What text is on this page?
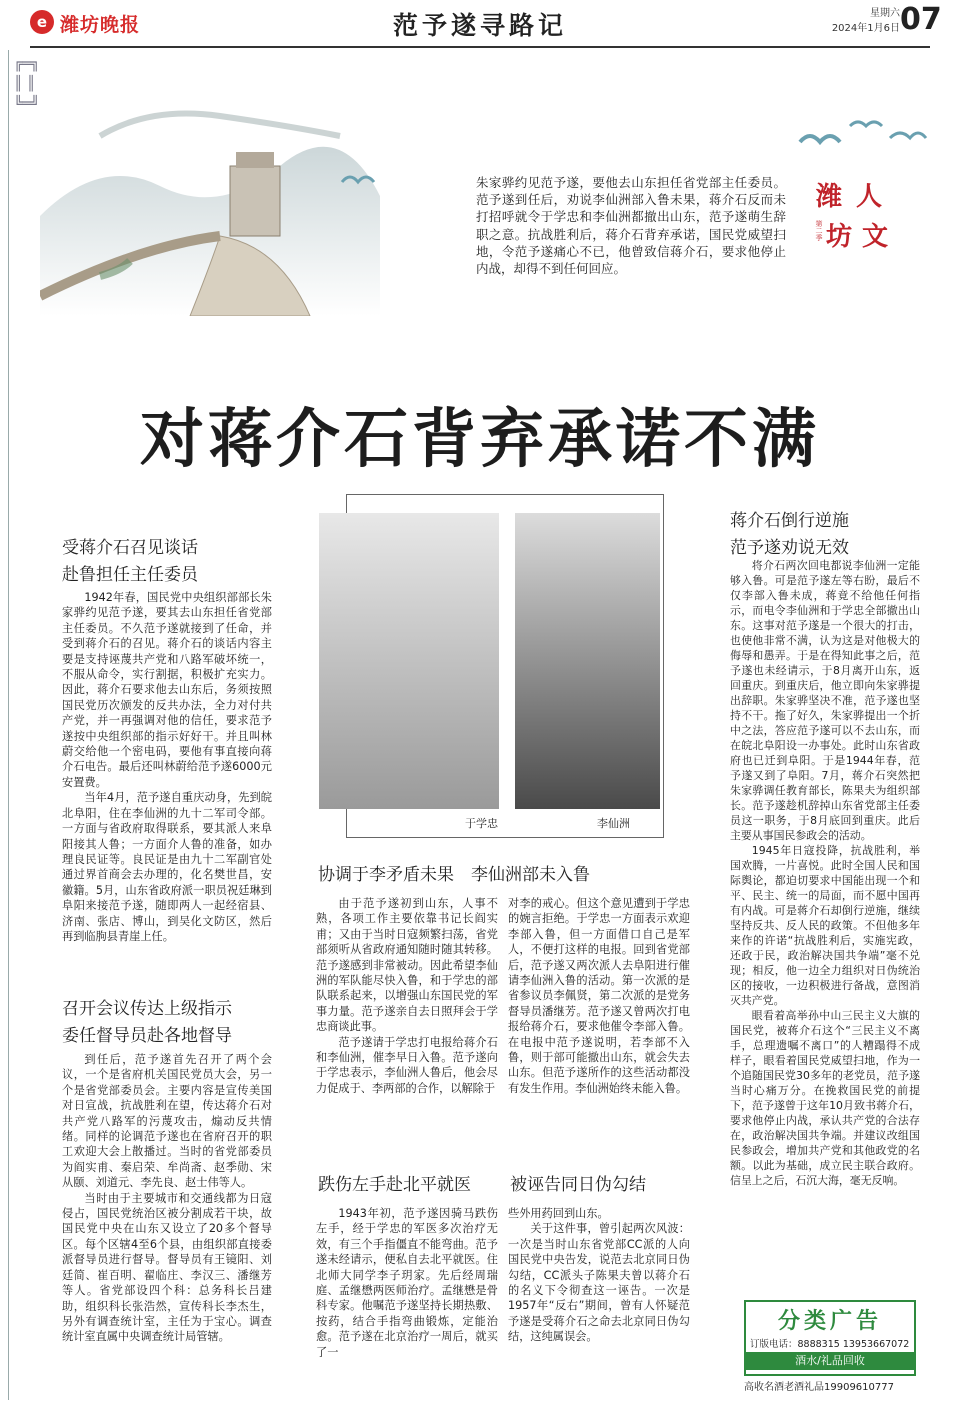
e 潍坊晚报	范予遂寻路记	星期六
2024年1月6日 07
╔═╗
║ ║
╚═╝
朱家骅约见范予遂，要他去山东担任省党部主任委员。范予遂到任后，劝说李仙洲部入鲁未果，蒋介石反而未打招呼就令于学忠和李仙洲都撤出山东，范予遂萌生辞职之意。抗战胜利后，蒋介石背弃承诺，国民党威望扫地，令范予遂痛心不已，他曾致信蒋介石，要求他停止内战，却得不到任何回应。
潍 人
坊 文
第二季
对蒋介石背弃承诺不满
受蒋介石召见谈话
赴鲁担任主任委员

1942年春，国民党中央组织部部长朱家骅约见范予遂，要其去山东担任省党部主任委员。不久范予遂就接到了任命，并受到蒋介石的召见。蒋介石的谈话内容主要是支持诬蔑共产党和八路军破坏统一，不服从命令，实行割据，积极扩充实力。因此，蒋介石要求他去山东后，务须按照国民党历次颁发的反共办法，全力对付共产党，并一再强调对他的信任，要求范予遂按中央组织部的指示好好干。并且叫林蔚交给他一个密电码，要他有事直接向蒋介石电告。最后还叫林蔚给范予遂6000元安置费。

当年4月，范予遂自重庆动身，先到皖北阜阳，住在李仙洲的九十二军司令部。一方面与省政府取得联系，要其派人来阜阳接其人鲁；一方面介人鲁的准备，如办理良民证等。良民证是由九十二军副官处通过界首商会去办理的，化名樊世昌，安徽籍。5月，山东省政府派一职员祝廷琳到阜阳来接范予遂，随即两人一起经宿县、济南、张店、博山，到吴化文防区，然后再到临朐县青崖上任。

召开会议传达上级指示
委任督导员赴各地督导

到任后，范予遂首先召开了两个会议，一个是省府机关国民党员大会，另一个是省党部委员会。主要内容是宣传美国对日宣战，抗战胜利在望，传达蒋介石对共产党八路军的污蔑攻击，煽动反共情绪。同样的论调范予遂也在省府召开的职工欢迎大会上散播过。当时的省党部委员为阎实甫、秦启荣、牟尚斋、赵季勋、宋从颐、刘道元、李先良、赵士伟等人。

当时由于主要城市和交通线都为日寇侵占，国民党统治区被分割成若干块，故国民党中央在山东又设立了20多个督导区。每个区辖4至6个县，由组织部直接委派督导员进行督导。督导员有王镜阳、刘廷简、崔百明、翟临庄、李汉三、潘继芳等人。省党部设四个科：总务科长吕建助，组织科长张浩然，宣传科长李杰生，另外有调查统计室，主任为于宝心。调查统计室直属中央调查统计局管辖。

于学忠	李仙洲
协调于李矛盾未果　李仙洲部未入鲁

由于范予遂初到山东，人事不熟，各项工作主要依靠书记长阎实甫；又由于当时日寇频繁扫荡，省党部须听从省政府通知随时随其转移。范予遂感到非常被动。因此希望李仙洲的军队能尽快入鲁，和于学忠的部队联系起来，以增强山东国民党的军事力量。范予遂亲自去日照拜会于学忠商谈此事。

范予遂请于学忠打电报给蒋介石和李仙洲，催李早日入鲁。范予遂向于学忠表示，李仙洲人鲁后，他会尽力促成于、李两部的合作，以解除于

对李的戒心。但这个意见遭到于学忠的婉言拒绝。于学忠一方面表示欢迎李部入鲁，但一方面借口自己是军人，不便打这样的电报。回到省党部后，范予遂又两次派人去阜阳进行催请李仙洲入鲁的活动。第一次派的是省参议员李佩贤，第二次派的是党务督导员潘继芳。范予遂又曾两次打电报给蒋介石，要求他催令李部入鲁。在电报中范予遂说明，若李部不入鲁，则于部可能撤出山东，就会失去山东。但范予遂所作的这些活动都没有发生作用。李仙洲始终未能入鲁。

跌伤左手赴北平就医	被诬告同日伪勾结

1943年初，范予遂因骑马跌伤左手，经于学忠的军医多次治疗无效，有三个手指僵直不能弯曲。范予遂未经请示，便私自去北平就医。住北师大同学李子玥家。先后经周瑞庭、孟继懋两医师治疗。孟继懋是骨科专家。他嘱范予遂坚持长期热敷、按药，结合手指弯曲锻炼，定能治愈。范予遂在北京治疗一周后，就买了一

些外用药回到山东。

关于这件事，曾引起两次风波：一次是当时山东省党部CC派的人向国民党中央告发，说范去北京同日伪勾结，CC派头子陈果夫曾以蒋介石的名义下令彻查这一诬告。一次是1957年“反右”期间，曾有人怀疑范予遂是受蒋介石之命去北京同日伪勾结，这纯属误会。

蒋介石倒行逆施
范予遂劝说无效

将介石两次回电都说李仙洲一定能够入鲁。可是范予遂左等右盼，最后不仅李部入鲁未成，蒋竟不给他任何指示，而电令李仙洲和于学忠全部撤出山东。这事对范予遂是一个很大的打击，也使他非常不满，认为这是对他极大的侮辱和愚弄。于是在得知此事之后，范予遂也未经请示，于8月离开山东，返回重庆。到重庆后，他立即向朱家骅提出辞职。朱家骅坚决不准，范予遂也坚持不干。拖了好久，朱家骅提出一个折中之法，答应范予遂可以不去山东，而在皖北阜阳设一办事处。此时山东省政府也已迁到阜阳。于是1944年春，范予遂又到了阜阳。7月，蒋介石突然把朱家骅调任教育部长，陈果夫为组织部长。范予遂趁机辞掉山东省党部主任委员这一职务，于8月底回到重庆。此后主要从事国民参政会的活动。

1945年日寇投降，抗战胜利，举国欢腾，一片喜悦。此时全国人民和国际舆论，都迫切要求中国能出现一个和平、民主、统一的局面，而不愿中国再有内战。可是蒋介石却倒行逆施，继续坚持反共、反人民的政策。不但他多年来作的许诺“抗战胜利后，实施宪政，还政于民，政治解决国共争端”毫不兑现；相反，他一边全力组织对日伪统治区的接收，一边积极进行备战，意图消灭共产党。

眼看着高举孙中山三民主义大旗的国民党，被蒋介石这个“三民主义不离手，总理遗嘱不离口”的人糟蹋得不成样子，眼看着国民党威望扫地，作为一个追随国民党30多年的老党员，范予遂当时心痛万分。在挽救国民党的前提下，范予遂曾于这年10月致书蒋介石，要求他停止内战，承认共产党的合法存在，政治解决国共争端。并建议改组国民参政会，增加共产党和其他政党的名额。以此为基础，成立民主联合政府。信呈上之后，石沉大海，毫无反响。

分类广告
订版电话：8888315 13953667072
酒水/礼品回收
高收名酒老酒礼品19909610777
